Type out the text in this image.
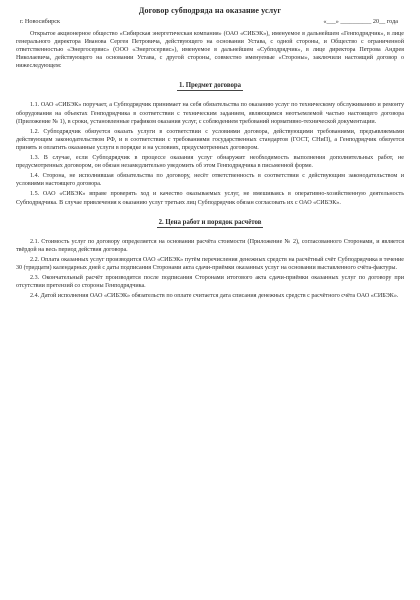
Договор субподряда на оказание услуг
г. Новосибирск	«___» __________ 20__ года

Открытое акционерное общество «Сибирская энергетическая компания» (ОАО «СИБЭК»), именуемое в дальнейшем «Генподрядчик», в лице генерального директора Иванова Сергея Петровича, действующего на основании Устава, с одной стороны, и Общество с ограниченной ответственностью «Энергосервис» (ООО «Энергосервис»), именуемое в дальнейшем «Субподрядчик», в лице директора Петрова Андрея Николаевича, действующего на основании Устава, с другой стороны, совместно именуемые «Стороны», заключили настоящий договор о нижеследующем:

1. Предмет договора

1.1. ОАО «СИБЭК» поручает, а Субподрядчик принимает на себя обязательства по оказанию услуг по техническому обслуживанию и ремонту оборудования на объектах Генподрядчика в соответствии с техническим заданием, являющимся неотъемлемой частью настоящего договора (Приложение № 1), в сроки, установленные графиком оказания услуг, с соблюдением требований нормативно-технической документации.

1.2. Субподрядчик обязуется оказать услуги в соответствии с условиями договора, действующими требованиями, предъявляемыми действующим законодательством РФ, и в соответствии с требованиями государственных стандартов (ГОСТ, СНиП), а Генподрядчик обязуется принять и оплатить оказанные услуги в порядке и на условиях, предусмотренных договором.

1.3. В случае, если Субподрядчик в процессе оказания услуг обнаружит необходимость выполнения дополнительных работ, не предусмотренных договором, он обязан незамедлительно уведомить об этом Генподрядчика в письменной форме.

1.4. Сторона, не исполнившая обязательства по договору, несёт ответственность в соответствии с действующим законодательством и условиями настоящего договора.

1.5. ОАО «СИБЭК» вправе проверять ход и качество оказываемых услуг, не вмешиваясь в оперативно-хозяйственную деятельность Субподрядчика. В случае привлечения к оказанию услуг третьих лиц Субподрядчик обязан согласовать их с ОАО «СИБЭК».

2. Цена работ и порядок расчётов

2.1. Стоимость услуг по договору определяется на основании расчёта стоимости (Приложение № 2), согласованного Сторонами, и является твёрдой на весь период действия договора.

2.2. Оплата оказанных услуг производится ОАО «СИБЭК» путём перечисления денежных средств на расчётный счёт Субподрядчика в течение 30 (тридцати) календарных дней с даты подписания Сторонами акта сдачи-приёмки оказанных услуг на основании выставленного счёта-фактуры.

2.3. Окончательный расчёт производится после подписания Сторонами итогового акта сдачи-приёмки оказанных услуг по договору при отсутствии претензий со стороны Генподрядчика.

2.4. Датой исполнения ОАО «СИБЭК» обязательств по оплате считается дата списания денежных средств с расчётного счёта ОАО «СИБЭК».
